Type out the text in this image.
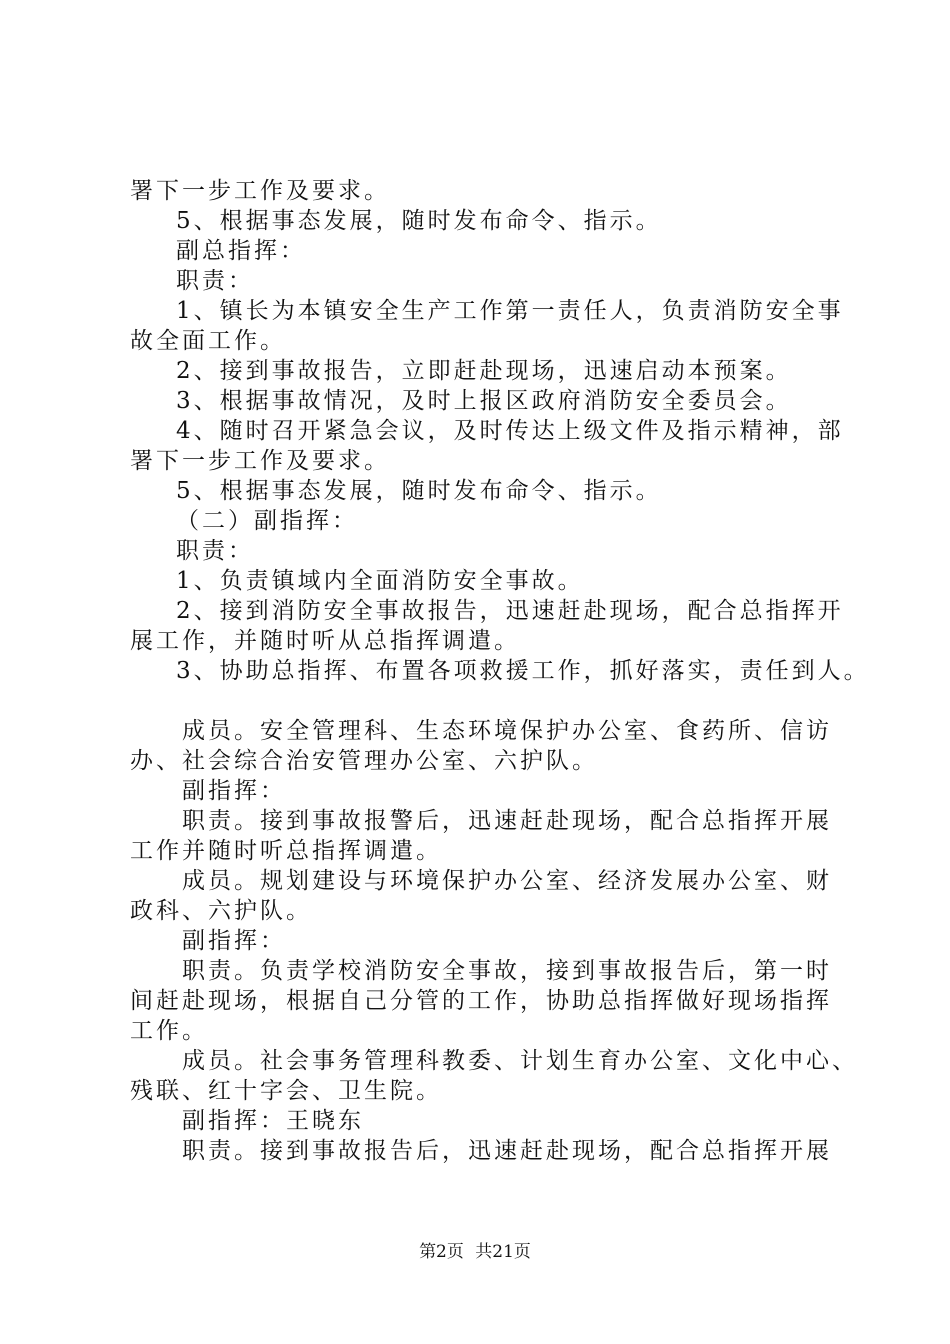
署下一步工作及要求。
5、根据事态发展，随时发布命令、指示。
副总指挥：
职责：
1、镇长为本镇安全生产工作第一责任人，负责消防安全事
故全面工作。
2、接到事故报告，立即赶赴现场，迅速启动本预案。
3、根据事故情况，及时上报区政府消防安全委员会。
4、随时召开紧急会议，及时传达上级文件及指示精神，部
署下一步工作及要求。
5、根据事态发展，随时发布命令、指示。
（二）副指挥：
职责：
1、负责镇域内全面消防安全事故。
2、接到消防安全事故报告，迅速赶赴现场，配合总指挥开
展工作，并随时听从总指挥调遣。
3、协助总指挥、布置各项救援工作，抓好落实，责任到人。
成员。安全管理科、生态环境保护办公室、食药所、信访
办、社会综合治安管理办公室、六护队。
副指挥：
职责。接到事故报警后，迅速赶赴现场，配合总指挥开展
工作并随时听总指挥调遣。
成员。规划建设与环境保护办公室、经济发展办公室、财
政科、六护队。
副指挥：
职责。负责学校消防安全事故，接到事故报告后，第一时
间赶赴现场，根据自己分管的工作，协助总指挥做好现场指挥
工作。
成员。社会事务管理科教委、计划生育办公室、文化中心、
残联、红十字会、卫生院。
副指挥：王晓东
职责。接到事故报告后，迅速赶赴现场，配合总指挥开展
第2页 共21页
